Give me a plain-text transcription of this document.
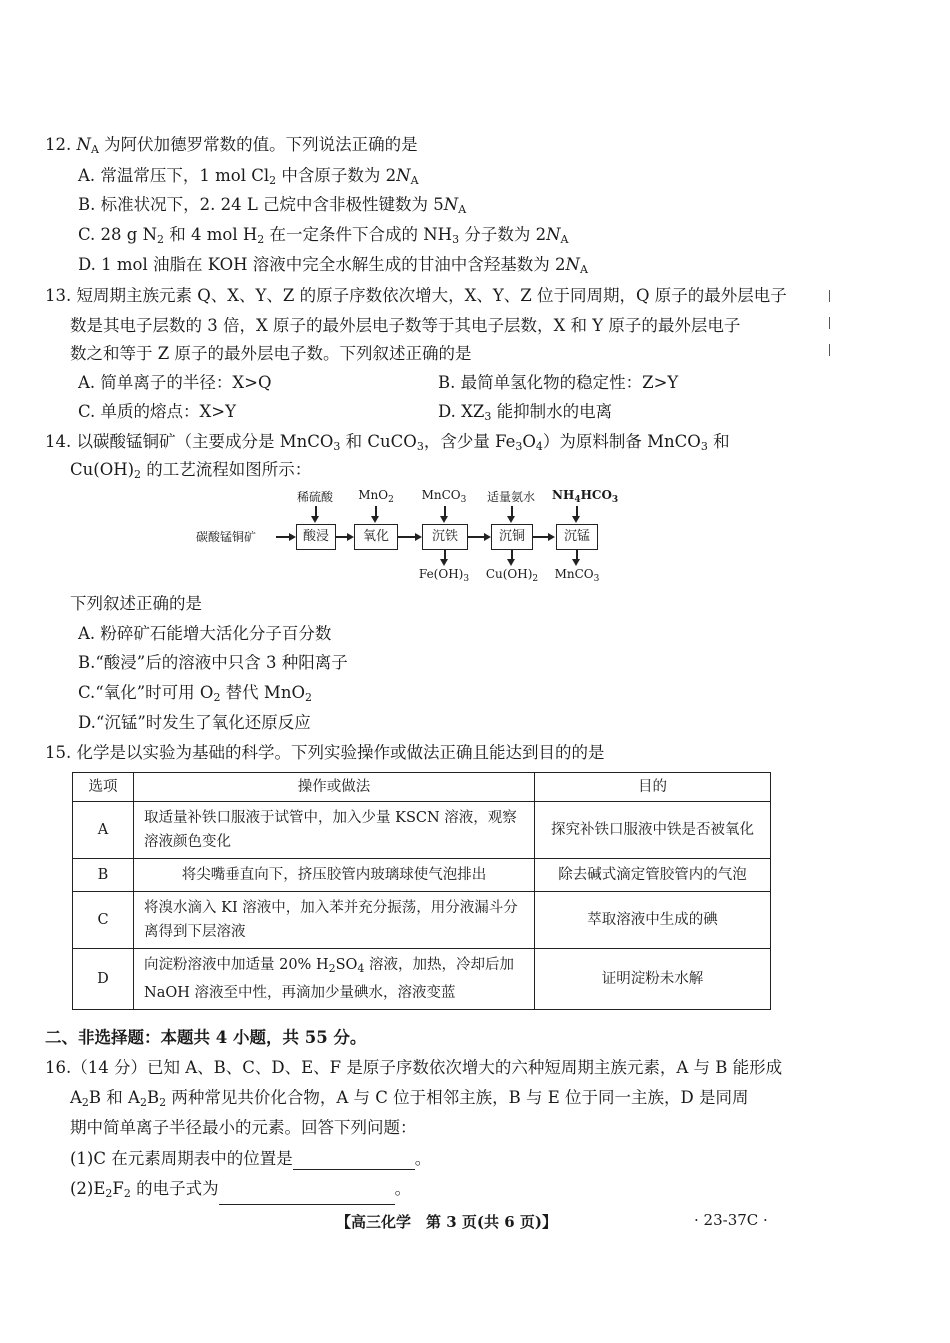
12. $N_A$ 为阿伏加德罗常数的值。下列说法正确的是
A. 常温常压下，1 mol $Cl_2$ 中含原子数为 $2N_A$
B. 标准状况下，2. 24 L 己烷中含非极性键数为 $5N_A$
C. 28 g $N_2$ 和 4 mol $H_2$ 在一定条件下合成的 $NH_3$ 分子数为 $2N_A$
D. 1 mol 油脂在 KOH 溶液中完全水解生成的甘油中含羟基数为 $2N_A$
13. 短周期主族元素 Q、X、Y、Z 的原子序数依次增大，X、Y、Z 位于同周期，Q 原子的最外层电子
数是其电子层数的 3 倍，X 原子的最外层电子数等于其电子层数，X 和 Y 原子的最外层电子
数之和等于 Z 原子的最外层电子数。下列叙述正确的是
A. 简单离子的半径：X>Q	B. 最简单氢化物的稳定性：Z>Y
C. 单质的熔点：X>Y	D. $XZ_3$ 能抑制水的电离
14. 以碳酸锰铜矿（主要成分是 MnCO$_3$ 和 CuCO$_3$，含少量 $Fe_3O_4$）为原料制备 MnCO$_3$ 和
$Cu(OH)_2$ 的工艺流程如图所示：
碳酸锰铜矿	酸浸	氧化	沉铁	沉铜	沉锰
稀硫酸	MnO$_2$ MnCO$_3$	适量氨水	$NH_4HCO_3$
$Fe(OH)_3$	$Cu(OH)_2$	MnCO$_3$
下列叙述正确的是
A. 粉碎矿石能增大活化分子百分数
B.“酸浸”后的溶液中只含 3 种阳离子
C.“氧化”时可用 $O_2$ 替代 MnO$_2$
D.“沉锰”时发生了氧化还原反应
15. 化学是以实验为基础的科学。下列实验操作或做法正确且能达到目的的是
选项	操作或做法	目的
A	取适量补铁口服液于试管中，加入少量 KSCN 溶液，观察
溶液颜色变化	探究补铁口服液中铁是否被氧化
B	将尖嘴垂直向下，挤压胶管内玻璃球使气泡排出	除去碱式滴定管胶管内的气泡
C	将溴水滴入 KI 溶液中，加入苯并充分振荡，用分液漏斗分
离得到下层溶液	萃取溶液中生成的碘
D	向淀粉溶液中加适量 20% $H_2SO_4$ 溶液，加热，冷却后加
NaOH 溶液至中性，再滴加少量碘水，溶液变蓝	证明淀粉未水解
二、非选择题：本题共 4 小题，共 55 分。
16.（14 分）已知 A、B、C、D、E、F 是原子序数依次增大的六种短周期主族元素，A 与 B 能形成
$A_2B$ 和 $A_2B_2$ 两种常见共价化合物，A 与 C 位于相邻主族，B 与 E 位于同一主族，D 是同周
期中简单离子半径最小的元素。回答下列问题：
(1)C 在元素周期表中的位置是	。
$(2)E_2F_2$ 的电子式为	。
【高三化学　第 3 页(共 6 页)】	· 23-37C ·
